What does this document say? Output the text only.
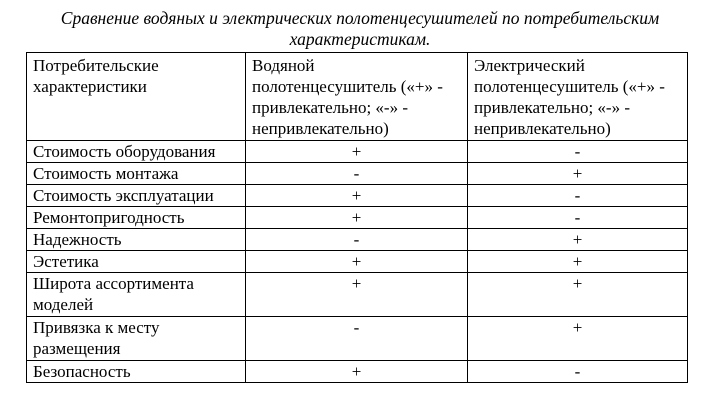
Сравнение водяных и электрических полотенцесушителей по потребительским характеристикам.
Потребительские характеристики	Водяной полотенцесушитель («+» - привлекательно; «-» - непривлекательно)	Электрический полотенцесушитель («+» - привлекательно; «-» - непривлекательно)
Стоимость оборудования	+	-
Стоимость монтажа	-	+
Стоимость эксплуатации	+	-
Ремонтопригодность	+	-
Надежность	-	+
Эстетика	+	+
Широта ассортимента моделей	+	+
Привязка к месту размещения	-	+
Безопасность	+	-
